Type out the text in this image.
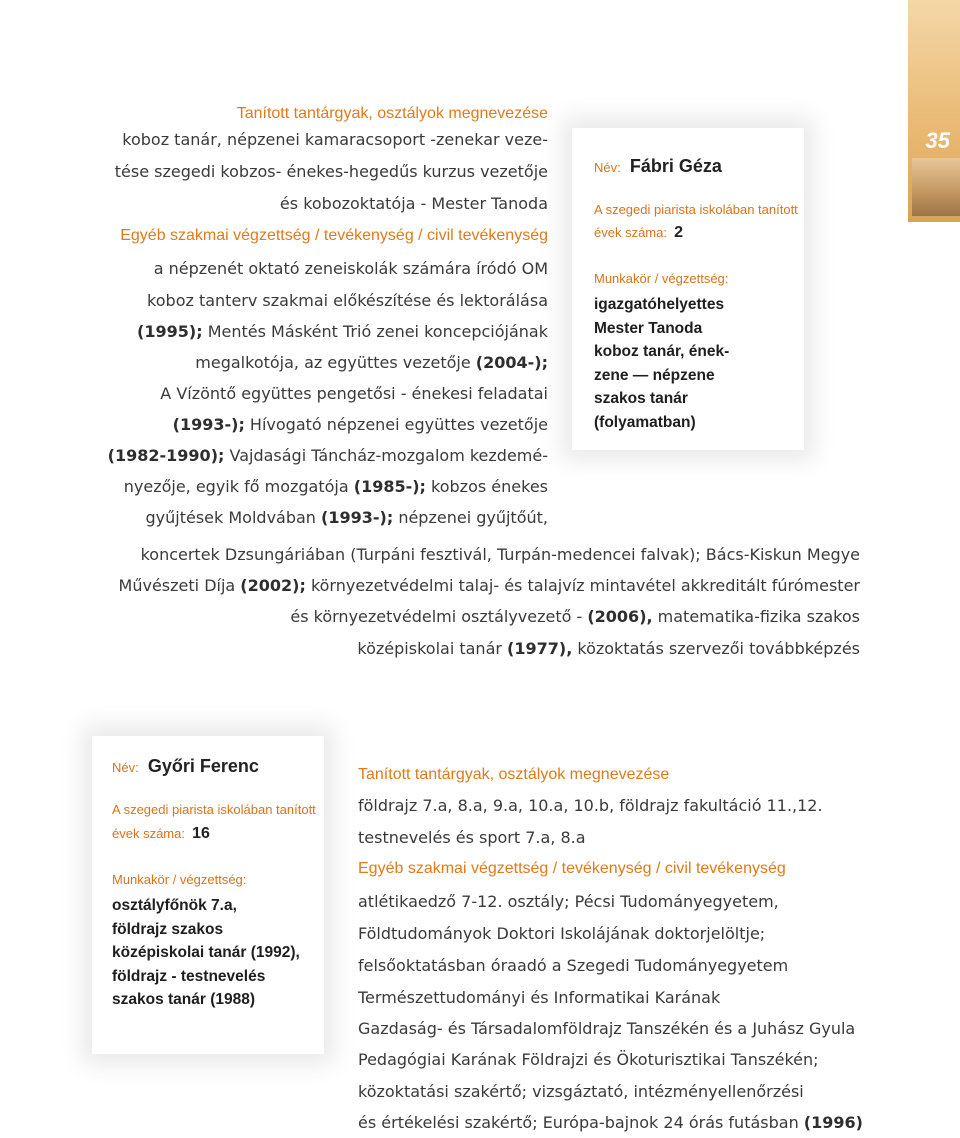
35
Név: Fábri Géza
A szegedi piarista iskolában tanított
évek száma: 2
Munkakör / végzettség:
igazgatóhelyettes
Mester Tanoda
koboz tanár, ének-
zene — népzene
szakos tanár
(folyamatban)
Tanított tantárgyak, osztályok megnevezése
koboz tanár, népzenei kamaracsoport -zenekar veze-
tése szegedi kobzos- énekes-hegedűs kurzus vezetője
és kobozoktatója - Mester Tanoda
Egyéb szakmai végzettség / tevékenység / civil tevékenység
a népzenét oktató zeneiskolák számára íródó OM
koboz tanterv szakmai előkészítése és lektorálása
(1995); Mentés Másként Trió zenei koncepciójának
megalkotója, az együttes vezetője (2004-);
A Vízöntő együttes pengetősi - énekesi feladatai
(1993-); Hívogató népzenei együttes vezetője
(1982-1990); Vajdasági Táncház-mozgalom kezdemé-
nyezője, egyik fő mozgatója (1985-); kobzos énekes
gyűjtések Moldvában (1993-); népzenei gyűjtőút,
koncertek Dzsungáriában (Turpáni fesztivál, Turpán-medencei falvak); Bács-Kiskun Megye
Művészeti Díja (2002); környezetvédelmi talaj- és talajvíz mintavétel akkreditált fúrómester
és környezetvédelmi osztályvezető - (2006), matematika-fizika szakos
középiskolai tanár (1977), közoktatás szervezői továbbképzés
Név: Győri Ferenc
A szegedi piarista iskolában tanított
évek száma: 16
Munkakör / végzettség:
osztályfőnök 7.a,
földrajz szakos
középiskolai tanár (1992),
földrajz - testnevelés
szakos tanár (1988)
Tanított tantárgyak, osztályok megnevezése
földrajz 7.a, 8.a, 9.a, 10.a, 10.b, földrajz fakultáció 11.,12.
testnevelés és sport 7.a, 8.a
Egyéb szakmai végzettség / tevékenység / civil tevékenység
atlétikaedző 7-12. osztály; Pécsi Tudományegyetem,
Földtudományok Doktori Iskolájának doktorjelöltje;
felsőoktatásban óraadó a Szegedi Tudományegyetem
Természettudományi és Informatikai Karának
Gazdaság- és Társadalomföldrajz Tanszékén és a Juhász Gyula
Pedagógiai Karának Földrajzi és Ökoturisztikai Tanszékén;
közoktatási szakértő; vizsgáztató, intézményellenőrzési
és értékelési szakértő; Európa-bajnok 24 órás futásban (1996)
